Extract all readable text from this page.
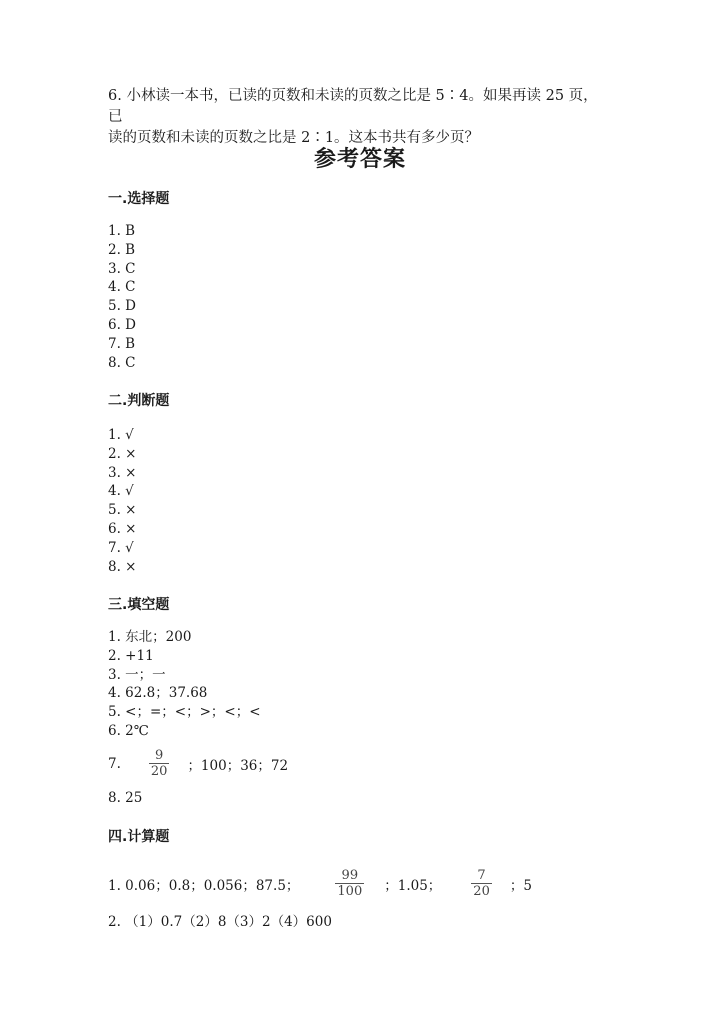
6. 小林读一本书，已读的页数和未读的页数之比是 5∶4。如果再读 25 页，已
读的页数和未读的页数之比是 2∶1。这本书共有多少页？
参考答案
一.选择题
1. B
2. B
3. C
4. C
5. D
6. D
7. B
8. C
二.判断题
1. √
2. ×
3. ×
4. √
5. ×
6. ×
7. √
8. ×
三.填空题
1. 东北；200
2. +11
3. 一；一
4. 62.8；37.68
5. <；=；<；>；<；<
6. 2℃
7. $\frac{9}{20}$ ；100；36；72
8. 25
四.计算题
1. 0.06；0.8；0.056；87.5；	$\frac{99}{100}$ ；1.05； $\frac{7}{20}$ ；5
2. （1）0.7（2）8（3）2（4）600
